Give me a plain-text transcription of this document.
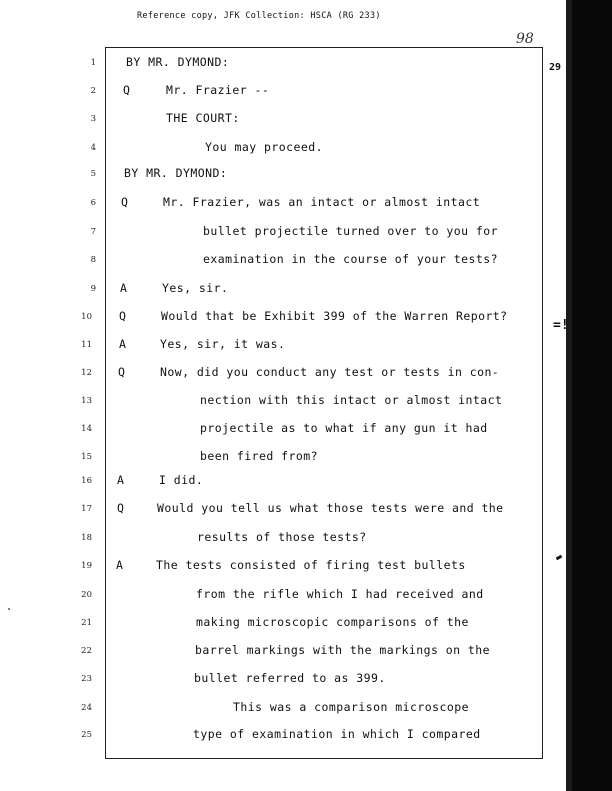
Reference copy, JFK Collection: HSCA (RG 233)
98
29
=!
1	BY MR. DYMOND:
2 Q	Mr. Frazier --
3	THE COURT:
4	You may proceed.
5 BY MR. DYMOND:
6 Q	Mr. Frazier, was an intact or almost intact
7	bullet projectile turned over to you for
8	examination in the course of your tests?
9 A	Yes, sir.
10 Q	Would that be Exhibit 399 of the Warren Report?
11 A	Yes, sir, it was.
12 Q	Now, did you conduct any test or tests in con-
13	nection with this intact or almost intact
14	projectile as to what if any gun it had
15	been fired from?
16 A	I did.
17 Q	Would you tell us what those tests were and the
18	results of those tests?
19 A	The tests consisted of firing test bullets
20	from the rifle which I had received and
21	making microscopic comparisons of the
22	barrel markings with the markings on the
23	bullet referred to as 399.
24	This was a comparison microscope
25	type of examination in which I compared
